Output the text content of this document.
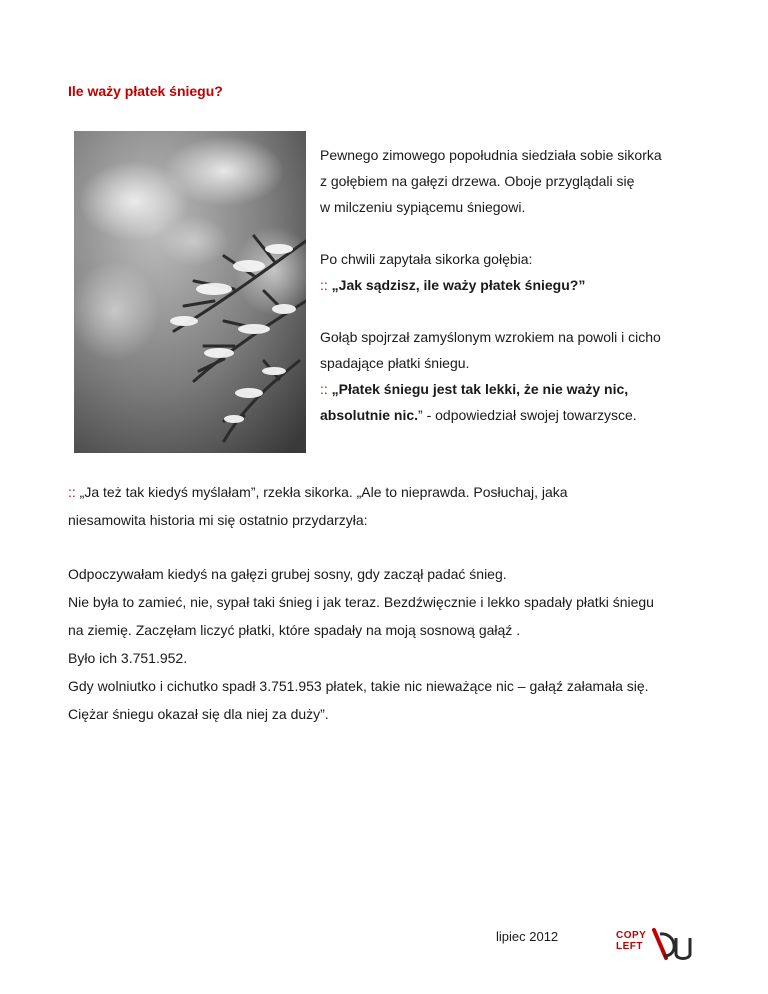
Ile waży płatek śniegu?

Pewnego zimowego popołudnia siedziała sobie sikorka

z gołębiem na gałęzi drzewa. Oboje przyglądali się

w milczeniu sypiącemu śniegowi.

Po chwili zapytała sikorka gołębia:

:: „Jak sądzisz, ile waży płatek śniegu?”

Gołąb spojrzał zamyślonym wzrokiem na powoli i cicho

spadające płatki śniegu.

:: „Płatek śniegu jest tak lekki, że nie waży nic,

absolutnie nic.” - odpowiedział swojej towarzysce.

:: „Ja też tak kiedyś myślałam”, rzekła sikorka. „Ale to nieprawda. Posłuchaj, jaka

niesamowita historia mi się ostatnio przydarzyła:

Odpoczywałam kiedyś na gałęzi grubej sosny, gdy zaczął padać śnieg.

Nie była to zamieć, nie, sypał taki śnieg i jak teraz. Bezdźwięcznie i lekko spadały płatki śniegu

na ziemię. Zaczęłam liczyć płatki, które spadały na moją sosnową gałąź .

Było ich 3.751.952.

Gdy wolniutko i cichutko spadł 3.751.953 płatek, takie nic nieważące nic – gałąź załamała się.

Ciężar śniegu okazał się dla niej za duży”.

lipiec 2012	COPY
LEFT
